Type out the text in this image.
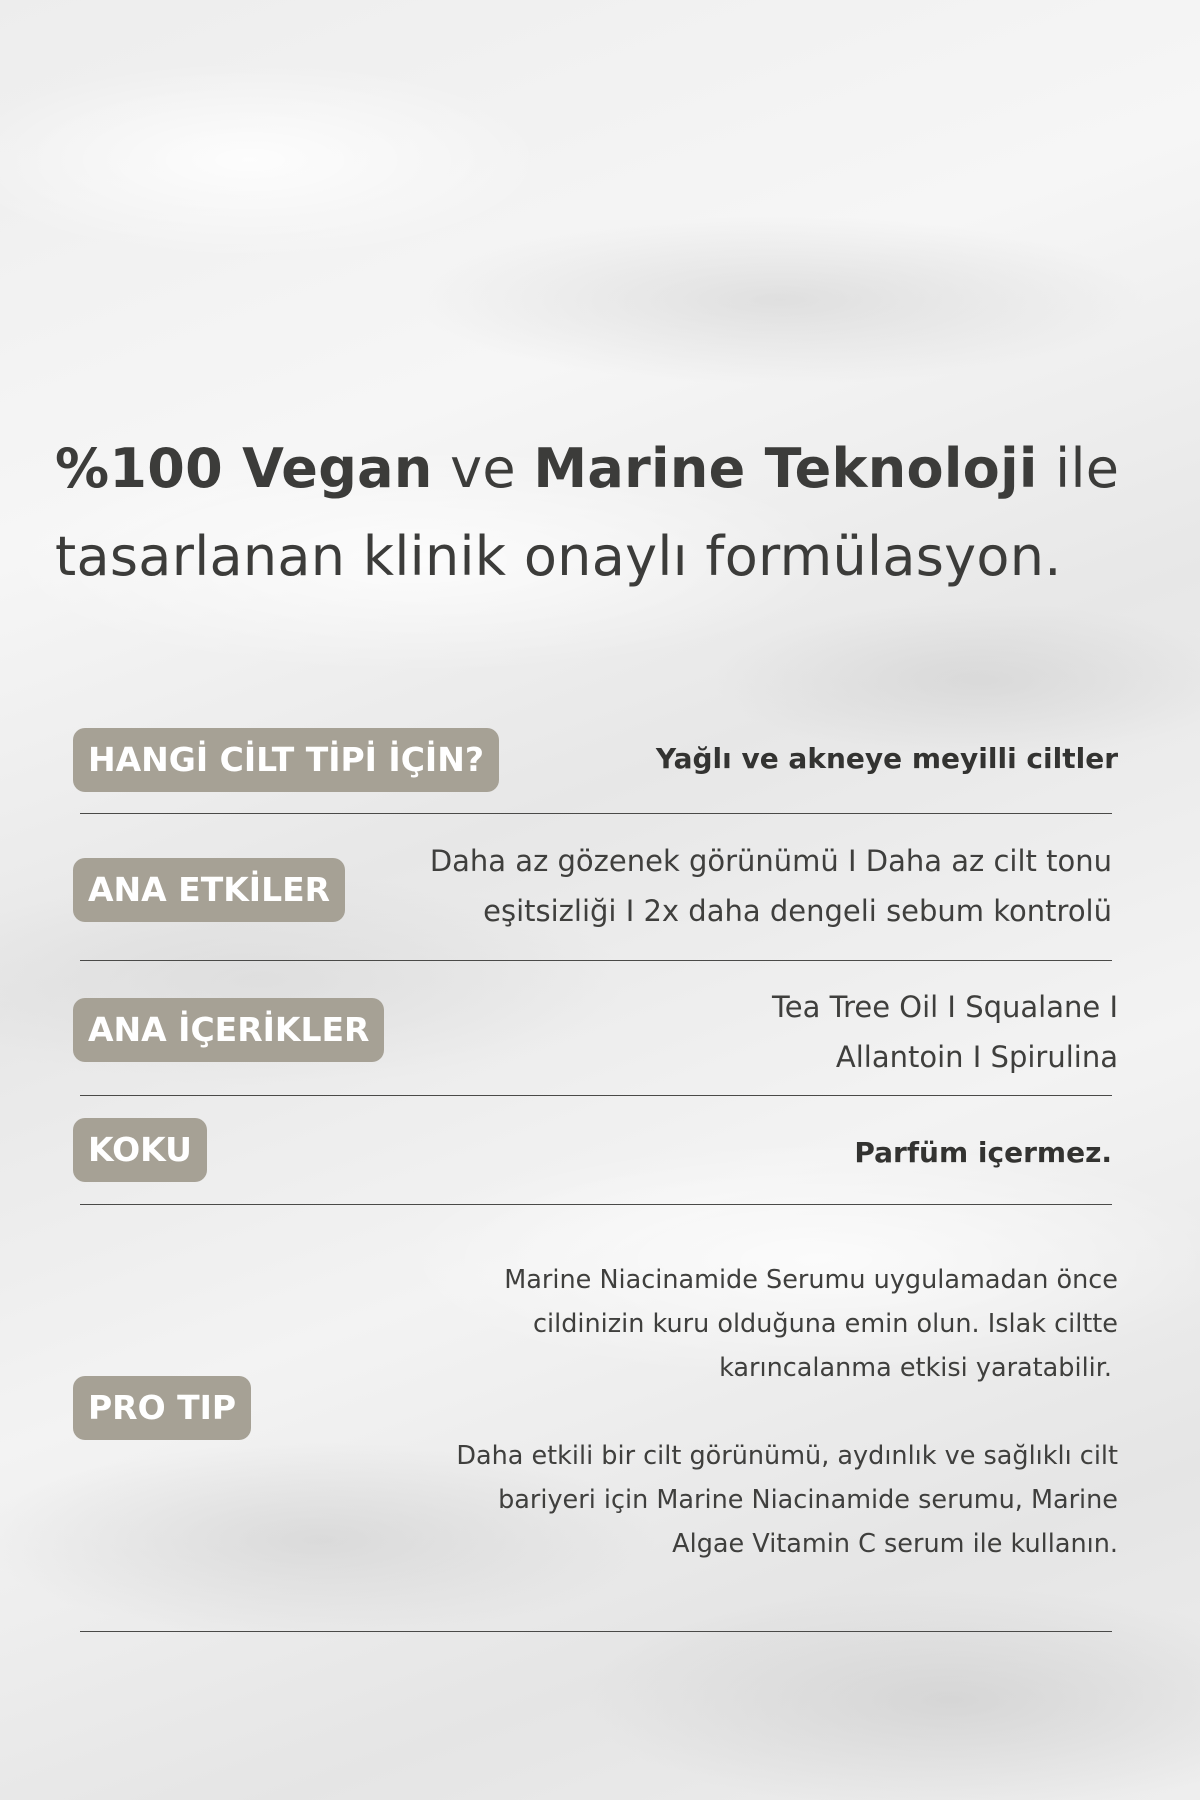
%100 Vegan ve Marine Teknoloji ile
tasarlanan klinik onaylı formülasyon.
HANGİ CİLT TİPİ İÇİN?	Yağlı ve akneye meyilli ciltler
ANA ETKİLER
Daha az gözenek görünümü I Daha az cilt tonu
eşitsizliği I 2x daha dengeli sebum kontrolü
ANA İÇERİKLER
Tea Tree Oil I Squalane I
Allantoin I Spirulina
KOKU	Parfüm içermez.
PRO TIP
Marine Niacinamide Serumu uygulamadan önce
cildinizin kuru olduğuna emin olun. Islak ciltte
karıncalanma etkisi yaratabilir.
Daha etkili bir cilt görünümü, aydınlık ve sağlıklı cilt
bariyeri için Marine Niacinamide serumu, Marine
Algae Vitamin C serum ile kullanın.
